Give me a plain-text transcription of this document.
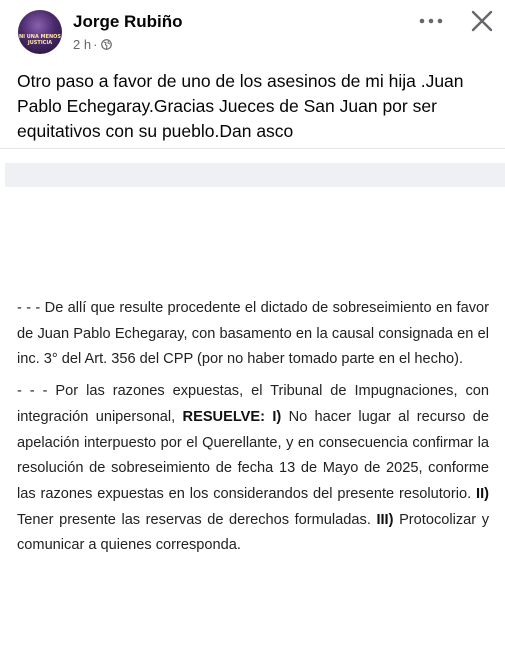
NI UNA MENOS
JUSTICIA
Jorge Rubiño
2 h ·

Otro paso a favor de uno de los asesinos de mi hija .Juan Pablo Echegaray.Gracias Jueces de San Juan por ser equitativos con su pueblo.Dan asco

- - - De allí que resulte procedente el dictado de sobreseimiento en favor de Juan Pablo Echegaray, con basamento en la causal consignada en el inc. 3° del Art. 356 del CPP (por no haber tomado parte en el hecho).

- - - Por las razones expuestas, el Tribunal de Impugnaciones, con integración unipersonal, RESUELVE: I) No hacer lugar al recurso de apelación interpuesto por el Querellante, y en consecuencia confirmar la resolución de sobreseimiento de fecha 13 de Mayo de 2025, conforme las razones expuestas en los considerandos del presente resolutorio. II) Tener presente las reservas de derechos formuladas. III) Protocolizar y comunicar a quienes corresponda.
